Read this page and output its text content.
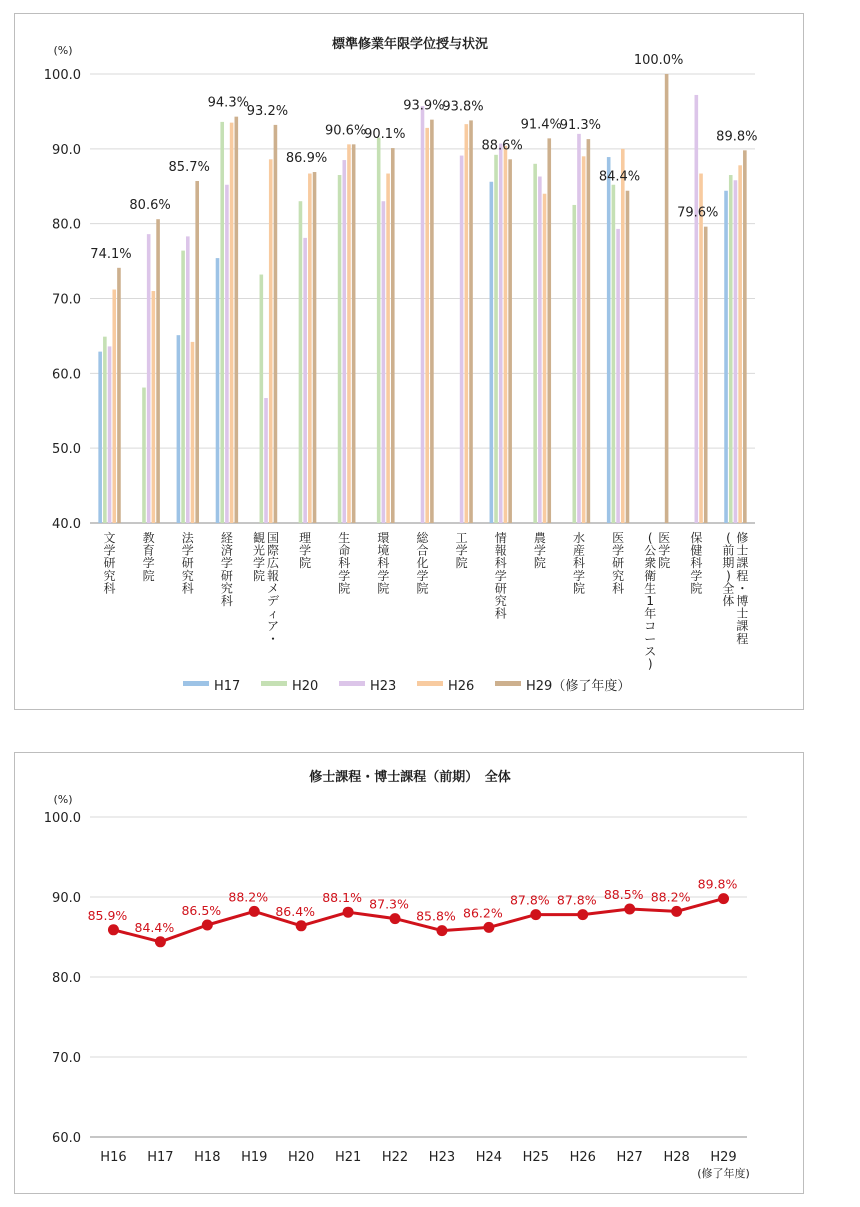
標準修業年限学位授与状況
(%)
100.0
90.0
80.0
70.0
60.0
50.0
40.0
74.1%
文
学
研
究
科
80.6%
教
育
学
院
85.7%
法
学
研
究
科
94.3%
経
済
学
研
究
科
93.2%
国
際
広
報
メ
デ
ィ
ア
・
観
光
学
院
86.9%
理
学
院
90.6%
生
命
科
学
院
90.1%
環
境
科
学
院
93.9%
総
合
化
学
院
93.8%
工
学
院
88.6%
情
報
科
学
研
究
科
91.4%
農
学
院
91.3%
水
産
科
学
院
84.4%
医
学
研
究
科
100.0%
医
学
院
(
公
衆
衛
生
1
年
コ
ー
ス
)
79.6%
保
健
科
学
院
89.8%
修
士
課
程
・
博
士
課
程
(
前
期
)
全
体
H17	H20	H23	H26	H29（修了年度）
修士課程・博士課程（前期）　全体
(%)
100.0
90.0
80.0
70.0
60.0
85.9%
84.4%
86.5%
88.2%
86.4%
88.1% 87.3%
85.8% 86.2%
87.8% 87.8% 88.5% 88.2%
89.8%
H16 H17 H18 H19 H20 H21 H22 H23 H24 H25 H26 H27 H28 H29
(修了年度)
